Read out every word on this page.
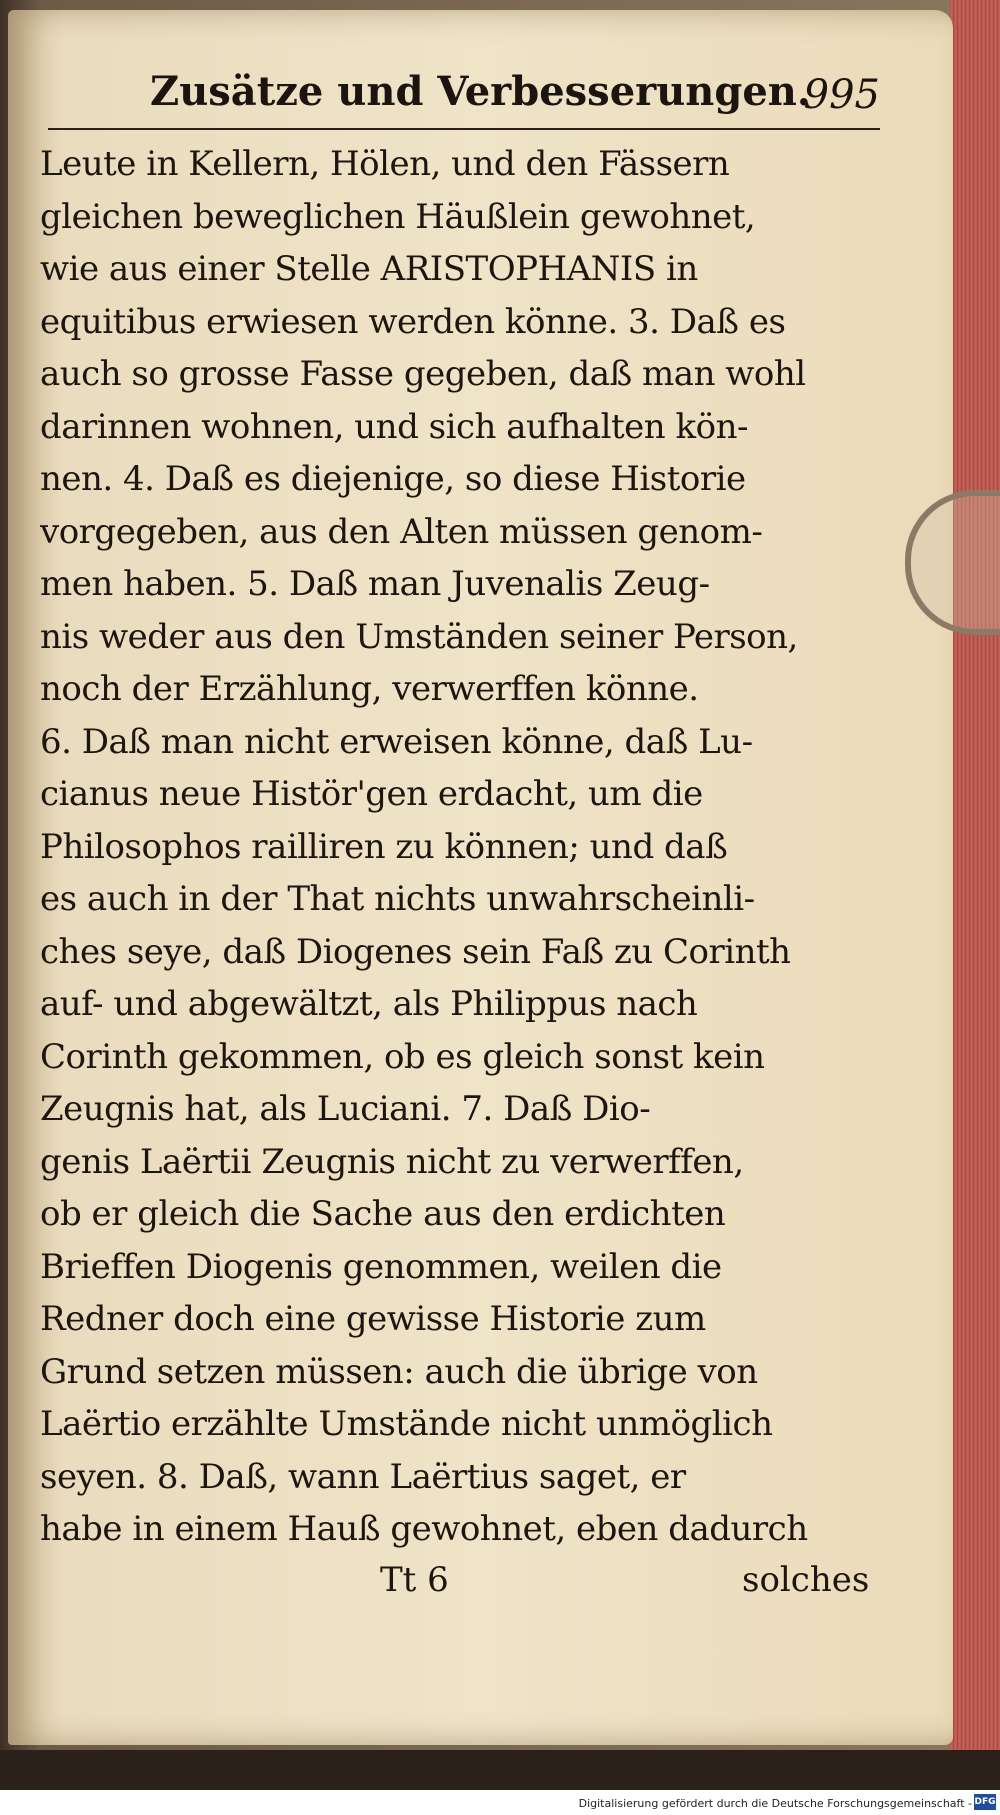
Zusätze und Verbesserungen.
995
Leute in Kellern, Hölen, und den Fässern
gleichen beweglichen Häußlein gewohnet,
wie aus einer Stelle ARISTOPHANIS in
equitibus erwiesen werden könne. 3. Daß es
auch so grosse Fasse gegeben, daß man wohl
darinnen wohnen, und sich aufhalten kön-
nen. 4. Daß es diejenige, so diese Historie
vorgegeben, aus den Alten müssen genom-
men haben. 5. Daß man Juvenalis Zeug-
nis weder aus den Umständen seiner Person,
noch der Erzählung, verwerffen könne.
6. Daß man nicht erweisen könne, daß Lu-
cianus neue Histör'gen erdacht, um die
Philosophos railliren zu können; und daß
es auch in der That nichts unwahrscheinli-
ches seye, daß Diogenes sein Faß zu Corinth
auf- und abgewältzt, als Philippus nach
Corinth gekommen, ob es gleich sonst kein
Zeugnis hat, als Luciani. 7. Daß Dio-
genis Laërtii Zeugnis nicht zu verwerffen,
ob er gleich die Sache aus den erdichten
Brieffen Diogenis genommen, weilen die
Redner doch eine gewisse Historie zum
Grund setzen müssen: auch die übrige von
Laërtio erzählte Umstände nicht unmöglich
seyen. 8. Daß, wann Laërtius saget, er
habe in einem Hauß gewohnet, eben dadurch
Tt 6	solches
Digitalisierung gefördert durch die Deutsche Forschungsgemeinschaft - DFG
